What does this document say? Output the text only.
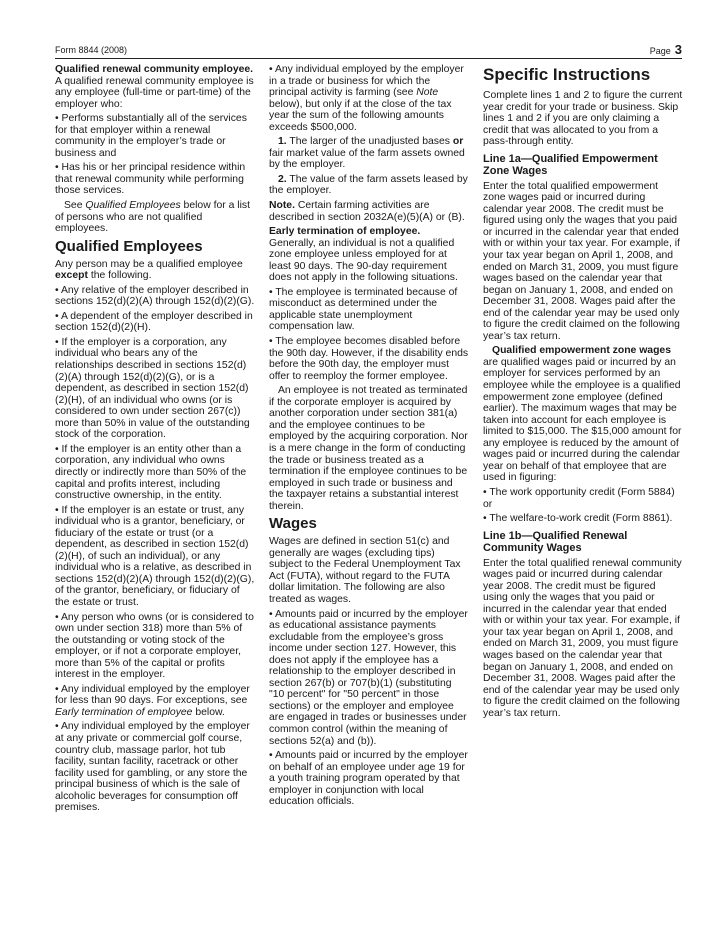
Form 8844 (2008)	Page 3

Qualified renewal community employee. A qualified renewal community employee is any employee (full-time or part-time) of the employer who:

• Performs substantially all of the services for that employer within a renewal community in the employer’s trade or business and

• Has his or her principal residence within that renewal community while performing those services.

See Qualified Employees below for a list of persons who are not qualified employees.

Qualified Employees

Any person may be a qualified employee except the following.

• Any relative of the employer described in sections 152(d)(2)(A) through 152(d)(2)(G).

• A dependent of the employer described in section 152(d)(2)(H).

• If the employer is a corporation, any individual who bears any of the relationships described in sections 152(d)(2)(A) through 152(d)(2)(G), or is a dependent, as described in section 152(d)(2)(H), of an individual who owns (or is considered to own under section 267(c)) more than 50% in value of the outstanding stock of the corporation.

• If the employer is an entity other than a corporation, any individual who owns directly or indirectly more than 50% of the capital and profits interest, including constructive ownership, in the entity.

• If the employer is an estate or trust, any individual who is a grantor, beneficiary, or fiduciary of the estate or trust (or a dependent, as described in section 152(d)(2)(H), of such an individual), or any individual who is a relative, as described in sections 152(d)(2)(A) through 152(d)(2)(G), of the grantor, beneficiary, or fiduciary of the estate or trust.

• Any person who owns (or is considered to own under section 318) more than 5% of the outstanding or voting stock of the employer, or if not a corporate employer, more than 5% of the capital or profits interest in the employer.

• Any individual employed by the employer for less than 90 days. For exceptions, see Early termination of employee below.

• Any individual employed by the employer at any private or commercial golf course, country club, massage parlor, hot tub facility, suntan facility, racetrack or other facility used for gambling, or any store the principal business of which is the sale of alcoholic beverages for consumption off premises.

• Any individual employed by the employer in a trade or business for which the principal activity is farming (see Note below), but only if at the close of the tax year the sum of the following amounts exceeds $500,000.

1. The larger of the unadjusted bases or fair market value of the farm assets owned by the employer.

2. The value of the farm assets leased by the employer.

Note. Certain farming activities are described in section 2032A(e)(5)(A) or (B).

Early termination of employee. Generally, an individual is not a qualified zone employee unless employed for at least 90 days. The 90-day requirement does not apply in the following situations.

• The employee is terminated because of misconduct as determined under the applicable state unemployment compensation law.

• The employee becomes disabled before the 90th day. However, if the disability ends before the 90th day, the employer must offer to reemploy the former employee.

An employee is not treated as terminated if the corporate employer is acquired by another corporation under section 381(a) and the employee continues to be employed by the acquiring corporation. Nor is a mere change in the form of conducting the trade or business treated as a termination if the employee continues to be employed in such trade or business and the taxpayer retains a substantial interest therein.

Wages

Wages are defined in section 51(c) and generally are wages (excluding tips) subject to the Federal Unemployment Tax Act (FUTA), without regard to the FUTA dollar limitation. The following are also treated as wages.

• Amounts paid or incurred by the employer as educational assistance payments excludable from the employee’s gross income under section 127. However, this does not apply if the employee has a relationship to the employer described in section 267(b) or 707(b)(1) (substituting "10 percent" for "50 percent" in those sections) or the employer and employee are engaged in trades or businesses under common control (within the meaning of sections 52(a) and (b)).

• Amounts paid or incurred by the employer on behalf of an employee under age 19 for a youth training program operated by that employer in conjunction with local education officials.

Specific Instructions

Complete lines 1 and 2 to figure the current year credit for your trade or business. Skip lines 1 and 2 if you are only claiming a credit that was allocated to you from a pass-through entity.

Line 1a—Qualified Empowerment Zone Wages

Enter the total qualified empowerment zone wages paid or incurred during calendar year 2008. The credit must be figured using only the wages that you paid or incurred in the calendar year that ended with or within your tax year. For example, if your tax year began on April 1, 2008, and ended on March 31, 2009, you must figure wages based on the calendar year that began on January 1, 2008, and ended on December 31, 2008. Wages paid after the end of the calendar year may be used only to figure the credit claimed on the following year’s tax return.

Qualified empowerment zone wages are qualified wages paid or incurred by an employer for services performed by an employee while the employee is a qualified empowerment zone employee (defined earlier). The maximum wages that may be taken into account for each employee is limited to $15,000. The $15,000 amount for any employee is reduced by the amount of wages paid or incurred during the calendar year on behalf of that employee that are used in figuring:

• The work opportunity credit (Form 5884) or

• The welfare-to-work credit (Form 8861).

Line 1b—Qualified Renewal Community Wages

Enter the total qualified renewal community wages paid or incurred during calendar year 2008. The credit must be figured using only the wages that you paid or incurred in the calendar year that ended with or within your tax year. For example, if your tax year began on April 1, 2008, and ended on March 31, 2009, you must figure wages based on the calendar year that began on January 1, 2008, and ended on December 31, 2008. Wages paid after the end of the calendar year may be used only to figure the credit claimed on the following year’s tax return.
